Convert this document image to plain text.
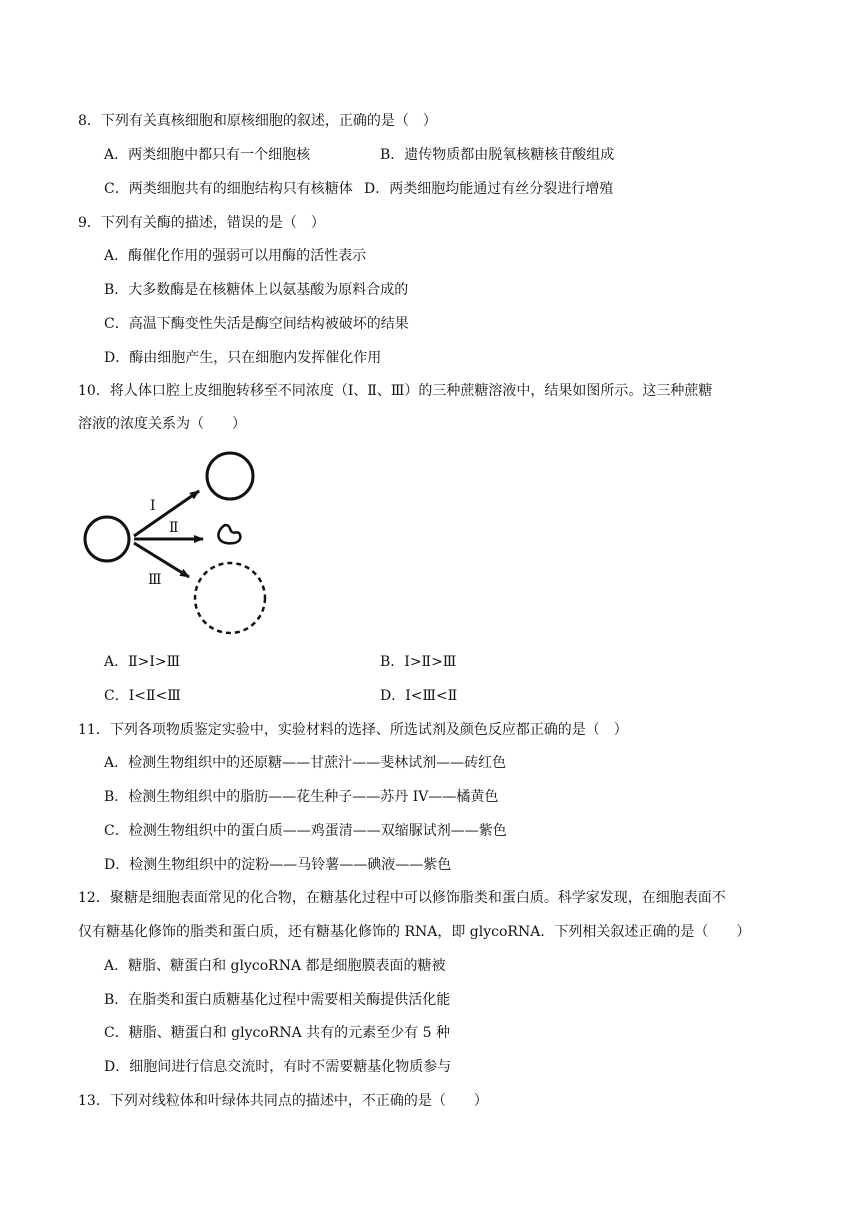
8．下列有关真核细胞和原核细胞的叙述，正确的是（　）
A．两类细胞中都只有一个细胞核	B．遗传物质都由脱氧核糖核苷酸组成
C．两类细胞共有的细胞结构只有核糖体 D．两类细胞均能通过有丝分裂进行增殖
9．下列有关酶的描述，错误的是（　）
A．酶催化作用的强弱可以用酶的活性表示
B．大多数酶是在核糖体上以氨基酸为原料合成的
C．高温下酶变性失活是酶空间结构被破坏的结果
D．酶由细胞产生，只在细胞内发挥催化作用
10．将人体口腔上皮细胞转移至不同浓度（Ⅰ、Ⅱ、Ⅲ）的三种蔗糖溶液中，结果如图所示。这三种蔗糖
溶液的浓度关系为（　　）
Ⅰ
Ⅱ
Ⅲ
A．Ⅱ>Ⅰ>Ⅲ	B．Ⅰ>Ⅱ>Ⅲ
C．Ⅰ<Ⅱ<Ⅲ	D．Ⅰ<Ⅲ<Ⅱ
11．下列各项物质鉴定实验中，实验材料的选择、所选试剂及颜色反应都正确的是（　）
A．检测生物组织中的还原糖——甘蔗汁——斐林试剂——砖红色
B．检测生物组织中的脂肪——花生种子——苏丹 IV——橘黄色
C．检测生物组织中的蛋白质——鸡蛋清——双缩脲试剂——紫色
D．检测生物组织中的淀粉——马铃薯——碘液——紫色
12．聚糖是细胞表面常见的化合物，在糖基化过程中可以修饰脂类和蛋白质。科学家发现，在细胞表面不
仅有糖基化修饰的脂类和蛋白质，还有糖基化修饰的 RNA，即 glycoRNA．下列相关叙述正确的是（　　）
A．糖脂、糖蛋白和 glycoRNA 都是细胞膜表面的糖被
B．在脂类和蛋白质糖基化过程中需要相关酶提供活化能
C．糖脂、糖蛋白和 glycoRNA 共有的元素至少有 5 种
D．细胞间进行信息交流时，有时不需要糖基化物质参与
13．下列对线粒体和叶绿体共同点的描述中，不正确的是（　　）
